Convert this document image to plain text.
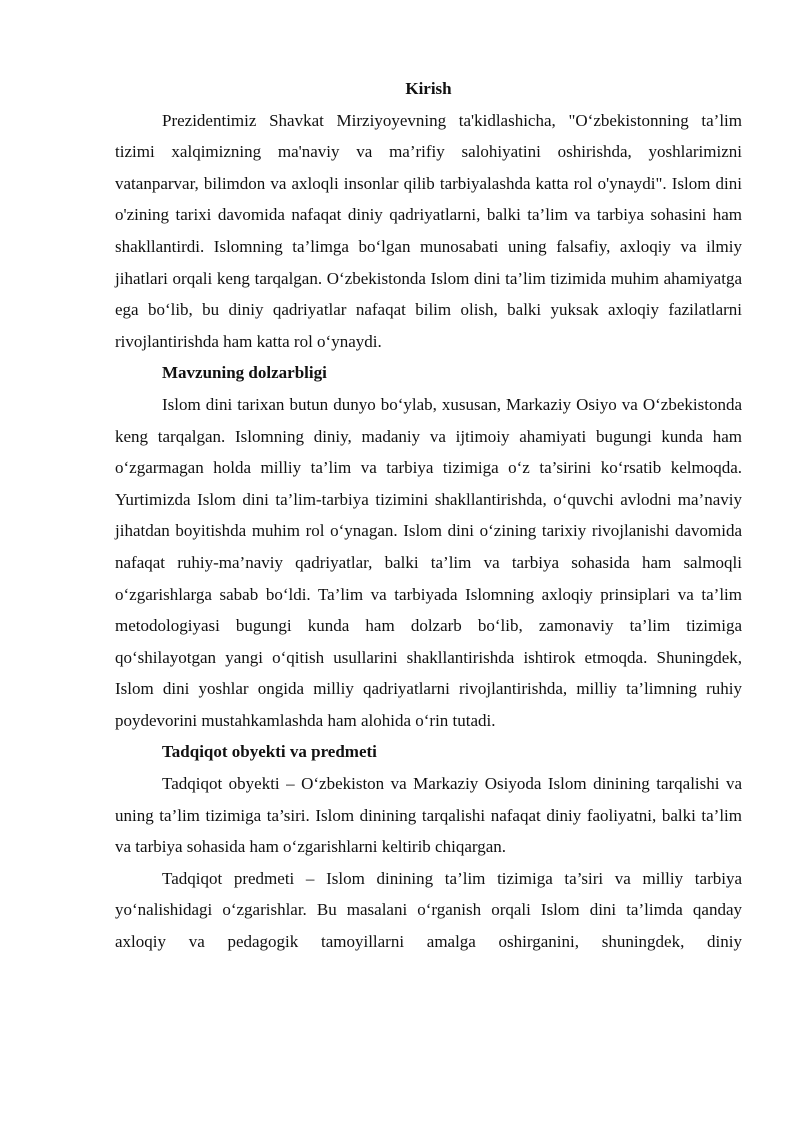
Kirish

Prezidentimiz Shavkat Mirziyoyevning ta'kidlashicha, "O‘zbekistonning ta’lim tizimi xalqimizning ma'naviy va ma’rifiy salohiyatini oshirishda, yoshlarimizni vatanparvar, bilimdon va axloqli insonlar qilib tarbiyalashda katta rol o'ynaydi". Islom dini o'zining tarixi davomida nafaqat diniy qadriyatlarni, balki ta’lim va tarbiya sohasini ham shakllantirdi. Islomning ta’limga bo‘lgan munosabati uning falsafiy, axloqiy va ilmiy jihatlari orqali keng tarqalgan. O‘zbekistonda Islom dini ta’lim tizimida muhim ahamiyatga ega bo‘lib, bu diniy qadriyatlar nafaqat bilim olish, balki yuksak axloqiy fazilatlarni rivojlantirishda ham katta rol o‘ynaydi.

Mavzuning dolzarbligi

Islom dini tarixan butun dunyo bo‘ylab, xususan, Markaziy Osiyo va O‘zbekistonda keng tarqalgan. Islomning diniy, madaniy va ijtimoiy ahamiyati bugungi kunda ham o‘zgarmagan holda milliy ta’lim va tarbiya tizimiga o‘z ta’sirini ko‘rsatib kelmoqda. Yurtimizda Islom dini ta’lim-tarbiya tizimini shakllantirishda, o‘quvchi avlodni ma’naviy jihatdan boyitishda muhim rol o‘ynagan. Islom dini o‘zining tarixiy rivojlanishi davomida nafaqat ruhiy-ma’naviy qadriyatlar, balki ta’lim va tarbiya sohasida ham salmoqli o‘zgarishlarga sabab bo‘ldi. Ta’lim va tarbiyada Islomning axloqiy prinsiplari va ta’lim metodologiyasi bugungi kunda ham dolzarb bo‘lib, zamonaviy ta’lim tizimiga qo‘shilayotgan yangi o‘qitish usullarini shakllantirishda ishtirok etmoqda. Shuningdek, Islom dini yoshlar ongida milliy qadriyatlarni rivojlantirishda, milliy ta’limning ruhiy poydevorini mustahkamlashda ham alohida o‘rin tutadi.

Tadqiqot obyekti va predmeti

Tadqiqot obyekti – O‘zbekiston va Markaziy Osiyoda Islom dinining tarqalishi va uning ta’lim tizimiga ta’siri. Islom dinining tarqalishi nafaqat diniy faoliyatni, balki ta’lim va tarbiya sohasida ham o‘zgarishlarni keltirib chiqargan.

Tadqiqot predmeti – Islom dinining ta’lim tizimiga ta’siri va milliy tarbiya yo‘nalishidagi o‘zgarishlar. Bu masalani o‘rganish orqali Islom dini ta’limda qanday axloqiy va pedagogik tamoyillarni amalga oshirganini, shuningdek, diniy
